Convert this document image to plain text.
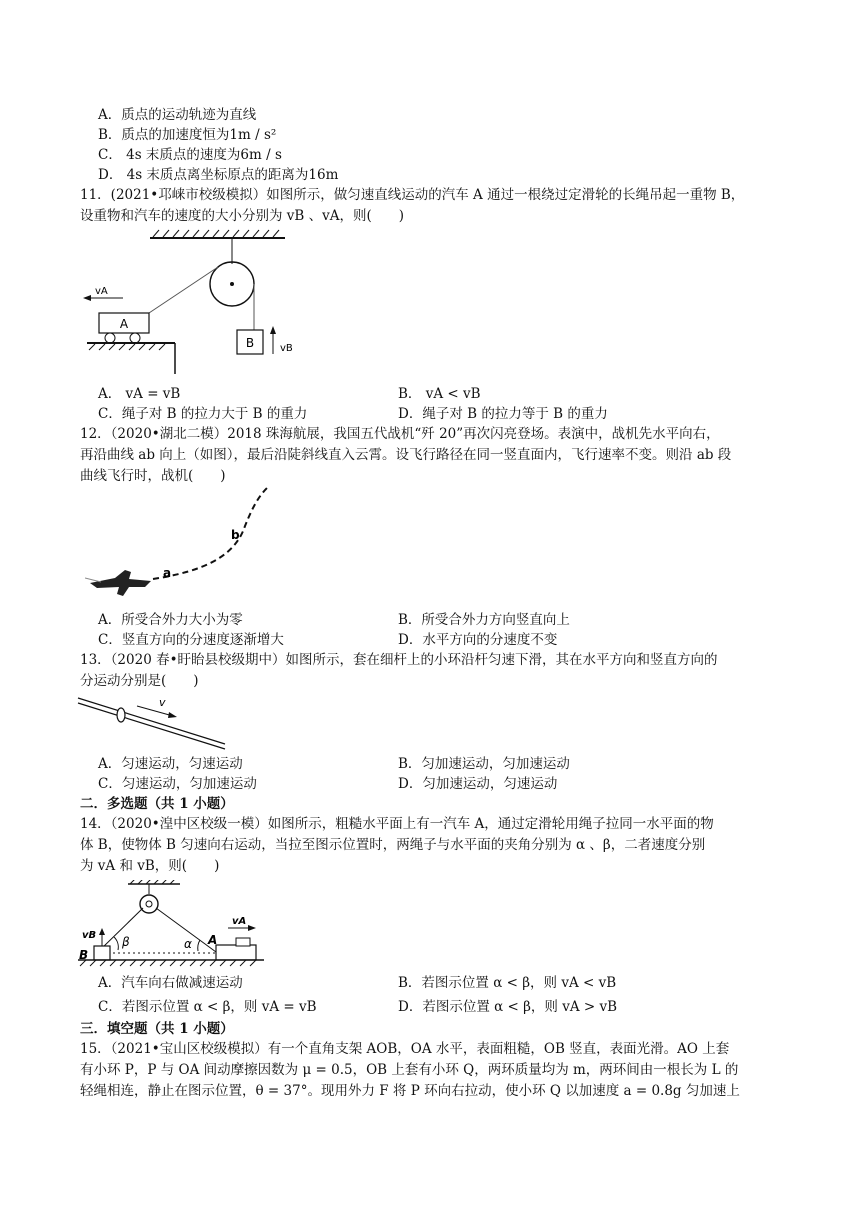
A．质点的运动轨迹为直线
B．质点的加速度恒为1m / s²
C． 4s 末质点的速度为6m / s
D． 4s 末质点离坐标原点的距离为16m
11．(2021•邛崃市校级模拟）如图所示，做匀速直线运动的汽车 A 通过一根绕过定滑轮的长绳吊起一重物 B，
设重物和汽车的速度的大小分别为 vB 、vA，则(　　)
B	vB
A
vA
A． vA = vB	B． vA < vB
C．绳子对 B 的拉力大于 B 的重力	D．绳子对 B 的拉力等于 B 的重力
12．（2020•湖北二模）2018 珠海航展，我国五代战机“歼 20”再次闪亮登场。表演中，战机先水平向右，
再沿曲线 ab 向上（如图），最后沿陡斜线直入云霄。设飞行路径在同一竖直面内，飞行速率不变。则沿 ab 段
曲线飞行时，战机(　　)
a
b
A．所受合外力大小为零	B．所受合外力方向竖直向上
C．竖直方向的分速度逐渐增大	D．水平方向的分速度不变
13．（2020 春•盱眙县校级期中）如图所示，套在细杆上的小环沿杆匀速下滑，其在水平方向和竖直方向的
分运动分别是(　　)
v
A．匀速运动，匀速运动	B．匀加速运动，匀加速运动
C．匀速运动，匀加速运动	D．匀加速运动，匀速运动
二．多选题（共 1 小题）
14．（2020•湟中区校级一模）如图所示，粗糙水平面上有一汽车 A，通过定滑轮用绳子拉同一水平面的物
体 B，使物体 B 匀速向右运动，当拉至图示位置时，两绳子与水平面的夹角分别为 α 、β，二者速度分别
为 vA 和 vB，则(　　)
β	α
B
vB	A
vA
A．汽车向右做减速运动	B．若图示位置 α < β，则 vA < vB
C．若图示位置 α < β，则 vA = vB	D．若图示位置 α < β，则 vA > vB
三．填空题（共 1 小题）
15．（2021•宝山区校级模拟）有一个直角支架 AOB，OA 水平，表面粗糙，OB 竖直，表面光滑。AO 上套
有小环 P，P 与 OA 间动摩擦因数为 μ = 0.5，OB 上套有小环 Q，两环质量均为 m，两环间由一根长为 L 的
轻绳相连，静止在图示位置，θ = 37°。现用外力 F 将 P 环向右拉动，使小环 Q 以加速度 a = 0.8g 匀加速上
